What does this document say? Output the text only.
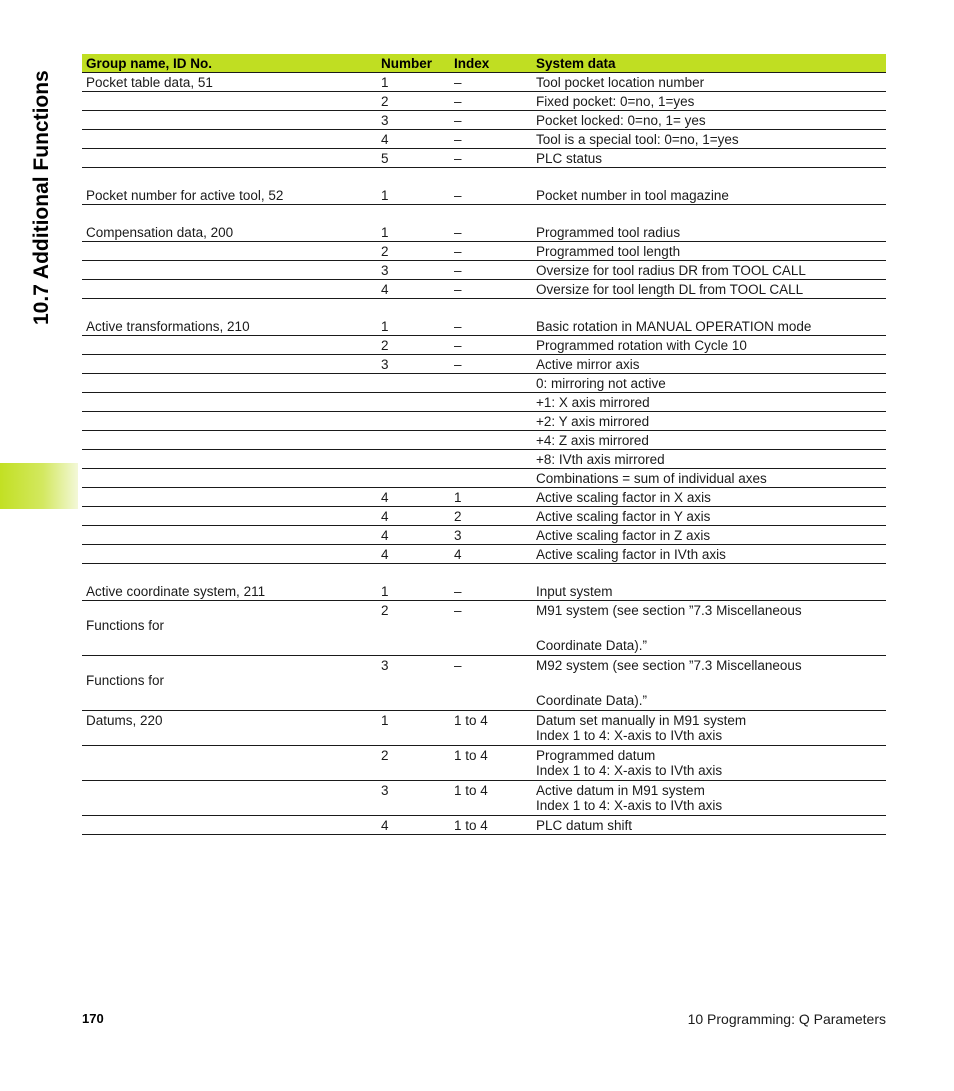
10.7 Additional Functions
Group name, ID No.	Number	Index	System data
Pocket table data, 51	1	–	Tool pocket location number
	2	–	Fixed pocket: 0=no, 1=yes
	3	–	Pocket locked: 0=no, 1= yes
	4	–	Tool is a special tool: 0=no, 1=yes
	5	–	PLC status

Pocket number for active tool, 52	1	–	Pocket number in tool magazine

Compensation data, 200	1	–	Programmed tool radius
	2	–	Programmed tool length
	3	–	Oversize for tool radius DR from TOOL CALL
	4	–	Oversize for tool length DL from TOOL CALL

Active transformations, 210	1	–	Basic rotation in MANUAL OPERATION mode
	2	–	Programmed rotation with Cycle 10
	3	–	Active mirror axis
			0: mirroring not active
			+1: X axis mirrored
			+2: Y axis mirrored
			+4: Z axis mirrored
			+8: IVth axis mirrored
			Combinations = sum of individual axes
	4	1	Active scaling factor in X axis
	4	2	Active scaling factor in Y axis
	4	3	Active scaling factor in Z axis
	4	4	Active scaling factor in IVth axis

Active coordinate system, 211	1	–	Input system

Functions for	2	–	M91 system (see section ”7.3 Miscellaneous
Coordinate Data).”

Functions for	3	–	M92 system (see section ”7.3 Miscellaneous
Coordinate Data).”

Datums, 220	1	1 to 4	Datum set manually in M91 system
Index 1 to 4: X-axis to IVth axis

	2	1 to 4	Programmed datum
Index 1 to 4: X-axis to IVth axis

	3	1 to 4	Active datum in M91 system
Index 1 to 4: X-axis to IVth axis

	4	1 to 4	PLC datum shift
170	10 Programming: Q Parameters
